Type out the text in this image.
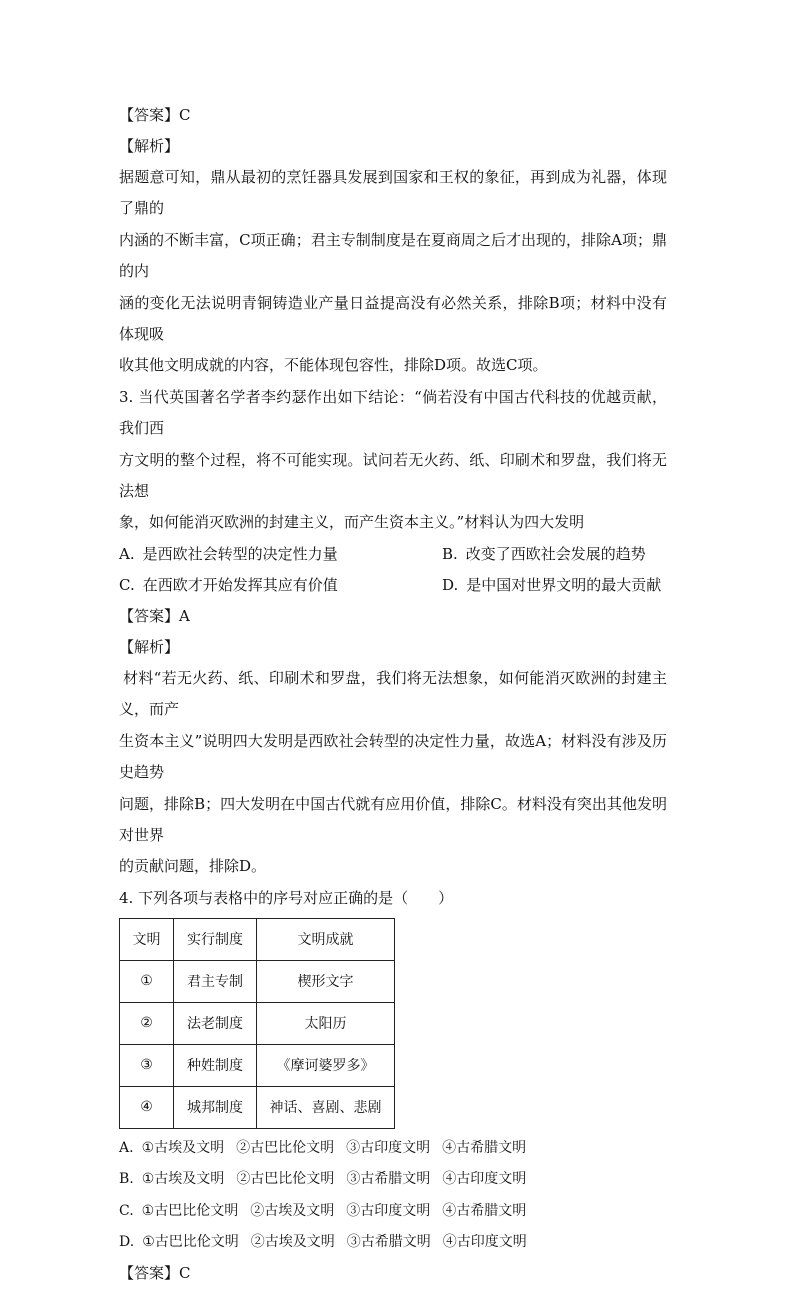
【答案】C
【解析】
据题意可知，鼎从最初的烹饪器具发展到国家和王权的象征，再到成为礼器，体现了鼎的
内涵的不断丰富，C项正确；君主专制制度是在夏商周之后才出现的，排除A项；鼎的内
涵的变化无法说明青铜铸造业产量日益提高没有必然关系，排除B项；材料中没有体现吸
收其他文明成就的内容，不能体现包容性，排除D项。故选C项。
3. 当代英国著名学者李约瑟作出如下结论：“倘若没有中国古代科技的优越贡献，我们西
方文明的整个过程，将不可能实现。试问若无火药、纸、印刷术和罗盘，我们将无法想
象，如何能消灭欧洲的封建主义，而产生资本主义。”材料认为四大发明
A. 是西欧社会转型的决定性力量	B. 改变了西欧社会发展的趋势
C. 在西欧才开始发挥其应有价值	D. 是中国对世界文明的最大贡献
【答案】A
【解析】
材料“若无火药、纸、印刷术和罗盘，我们将无法想象，如何能消灭欧洲的封建主义，而产
生资本主义”说明四大发明是西欧社会转型的决定性力量，故选A；材料没有涉及历史趋势
问题，排除B；四大发明在中国古代就有应用价值，排除C。材料没有突出其他发明对世界
的贡献问题，排除D。
4. 下列各项与表格中的序号对应正确的是（　　）
文明	实行制度	文明成就
①	君主专制	楔形文字
②	法老制度	太阳历
③	种姓制度	《摩诃婆罗多》
④	城邦制度	神话、喜剧、悲剧
A. ①古埃及文明 ②古巴比伦文明 ③古印度文明 ④古希腊文明
B. ①古埃及文明 ②古巴比伦文明 ③古希腊文明 ④古印度文明
C. ①古巴比伦文明 ②古埃及文明 ③古印度文明 ④古希腊文明
D. ①古巴比伦文明 ②古埃及文明 ③古希腊文明 ④古印度文明
【答案】C
